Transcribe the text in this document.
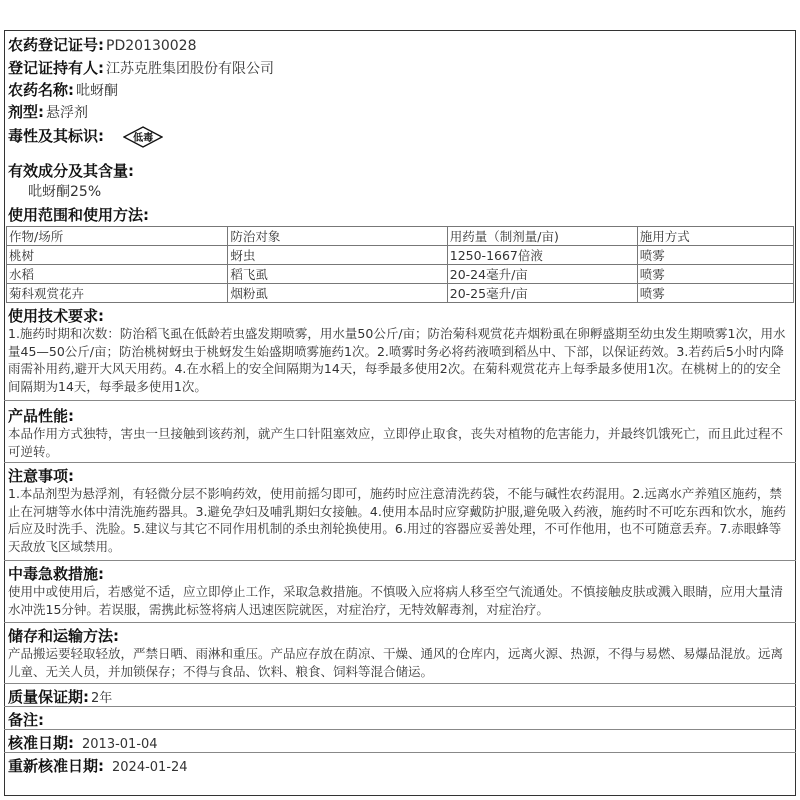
农药登记证号: PD20130028
登记证持有人: 江苏克胜集团股份有限公司
农药名称: 吡蚜酮
剂型: 悬浮剂
毒性及其标识:	低毒
有效成分及其含量:
吡蚜酮25%
使用范围和使用方法:
作物/场所	防治对象	用药量（制剂量/亩)	施用方式
桃树	蚜虫	1250-1667倍液	喷雾
水稻	稻飞虱	20-24毫升/亩	喷雾
菊科观赏花卉	烟粉虱	20-25毫升/亩	喷雾
使用技术要求:
1.施药时期和次数：防治稻飞虱在低龄若虫盛发期喷雾，用水量50公斤/亩；防治菊科观赏花卉烟粉虱在卵孵盛期至幼虫发生期喷雾1次，用水量45—50公斤/亩；防治桃树蚜虫于桃蚜发生始盛期喷雾施药1次。2.喷雾时务必将药液喷到稻丛中、下部，以保证药效。3.若药后5小时内降雨需补用药,避开大风天用药。4.在水稻上的安全间隔期为14天，每季最多使用2次。在菊科观赏花卉上每季最多使用1次。在桃树上的的安全间隔期为14天，每季最多使用1次。
产品性能:
本品作用方式独特，害虫一旦接触到该药剂，就产生口针阻塞效应，立即停止取食，丧失对植物的危害能力，并最终饥饿死亡，而且此过程不可逆转。
注意事项:
1.本品剂型为悬浮剂，有轻微分层不影响药效，使用前摇匀即可，施药时应注意清洗药袋，不能与碱性农药混用。2.远离水产养殖区施药，禁止在河塘等水体中清洗施药器具。3.避免孕妇及哺乳期妇女接触。4.使用本品时应穿戴防护服,避免吸入药液，施药时不可吃东西和饮水，施药后应及时洗手、洗脸。5.建议与其它不同作用机制的杀虫剂轮换使用。6.用过的容器应妥善处理，不可作他用，也不可随意丢弃。7.赤眼蜂等天敌放飞区域禁用。
中毒急救措施:
使用中或使用后，若感觉不适，应立即停止工作，采取急救措施。不慎吸入应将病人移至空气流通处。不慎接触皮肤或溅入眼睛，应用大量清水冲洗15分钟。若误服，需携此标签将病人迅速医院就医，对症治疗，无特效解毒剂，对症治疗。
储存和运输方法:
产品搬运要轻取轻放，严禁日晒、雨淋和重压。产品应存放在荫凉、干燥、通风的仓库内，远离火源、热源，不得与易燃、易爆品混放。远离儿童、无关人员，并加锁保存；不得与食品、饮料、粮食、饲料等混合储运。
质量保证期: 2年
备注:
核准日期: 2013-01-04
重新核准日期: 2024-01-24
